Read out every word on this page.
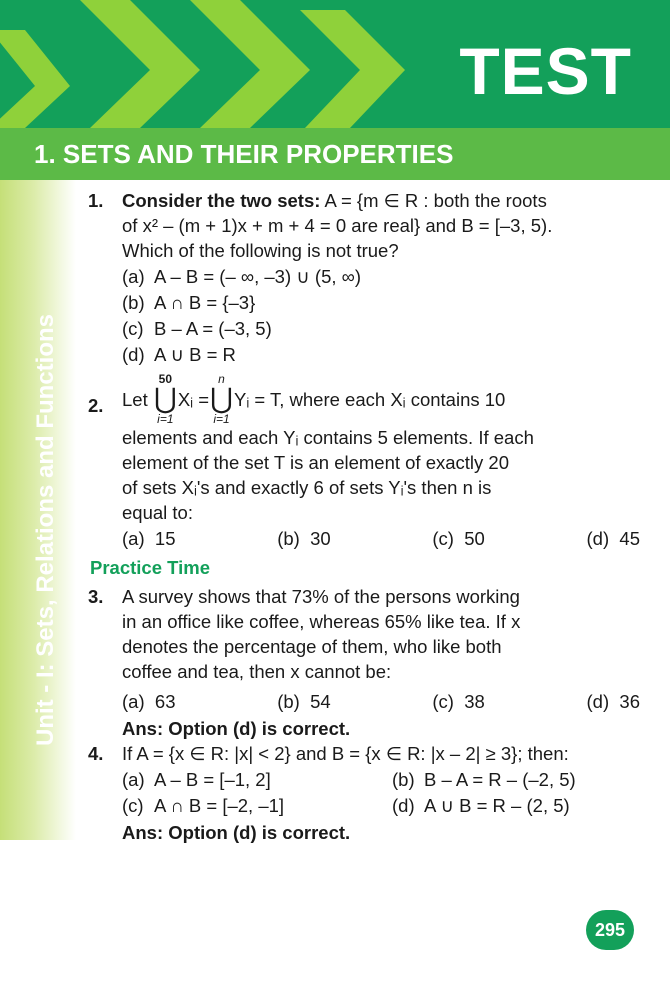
TEST
1. SETS AND THEIR PROPERTIES
Unit - I: Sets, Relations and Functions
1.	Consider the two sets: A = {m ∈ R : both the roots
of x² – (m + 1)x + m + 4 = 0 are real} and B = [–3, 5).
Which of the following is not true?
(a) A – B = (– ∞, –3) ∪ (5, ∞)
(b) A ∩ B = {–3}
(c) B – A = (–3, 5)
(d) A ∪ B = R
2.	Let

50
⋃
i=1
Xᵢ =
n
⋃
i=1
Yᵢ = T,
where each Xᵢ contains 10
elements and each Yᵢ contains 5 elements. If each
element of the set T is an element of exactly 20
of sets Xᵢ's and exactly 6 of sets Yᵢ's then n is
equal to:
(a) 15	(b) 30	(c) 50	(d) 45
Practice Time
3.	A survey shows that 73% of the persons working
in an office like coffee, whereas 65% like tea. If x
denotes the percentage of them, who like both
coffee and tea, then x cannot be:
(a) 63	(b) 54	(c) 38	(d) 36
Ans: Option (d) is correct.
4.	If A = {x ∈ R: |x| < 2} and B = {x ∈ R: |x – 2| ≥ 3}; then:
(a) A – B = [–1, 2]	(b) B – A = R – (–2, 5)
(c) A ∩ B = [–2, –1]	(d) A ∪ B = R – (2, 5)
Ans: Option (d) is correct.
295
